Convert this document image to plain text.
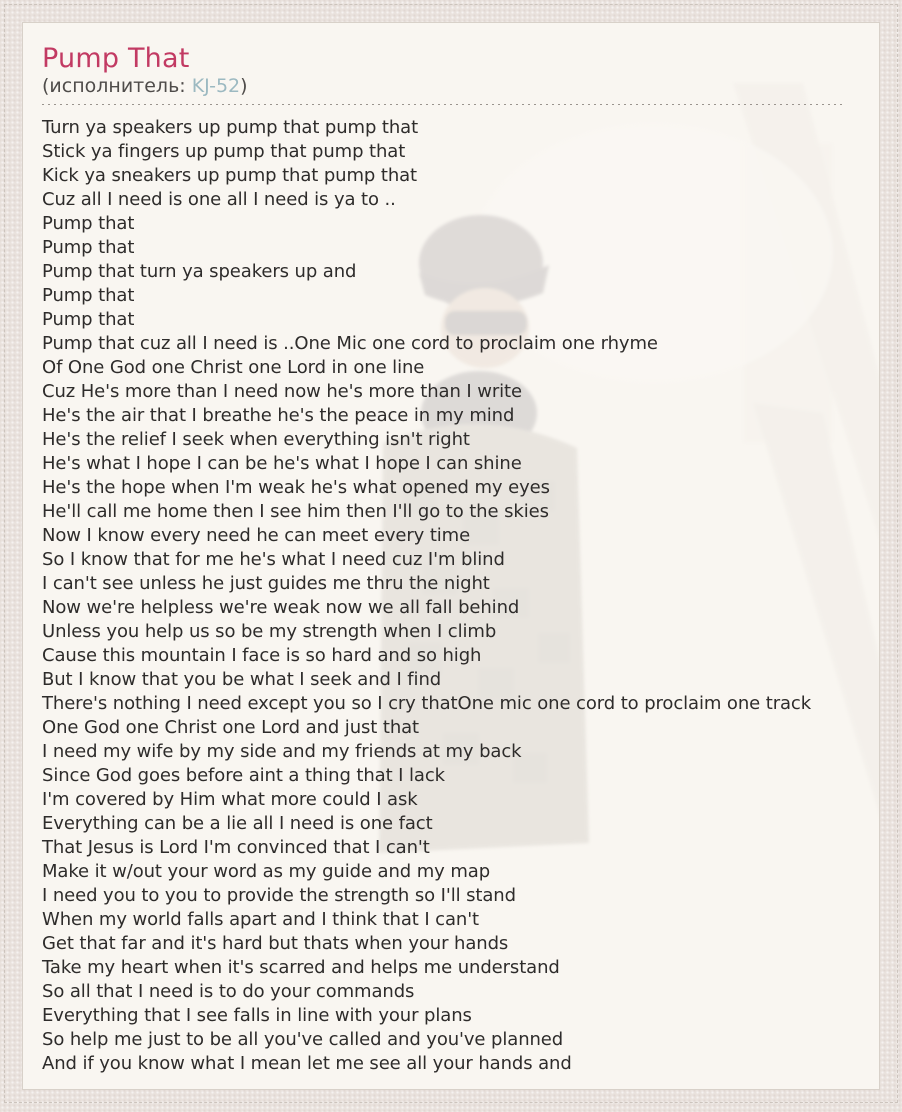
Pump That
(исполнитель: KJ-52)
Turn ya speakers up pump that pump that
Stick ya fingers up pump that pump that
Kick ya sneakers up pump that pump that
Cuz all I need is one all I need is ya to ..
Pump that
Pump that
Pump that turn ya speakers up and
Pump that
Pump that
Pump that cuz all I need is ..One Mic one cord to proclaim one rhyme
Of One God one Christ one Lord in one line
Cuz He's more than I need now he's more than I write
He's the air that I breathe he's the peace in my mind
He's the relief I seek when everything isn't right
He's what I hope I can be he's what I hope I can shine
He's the hope when I'm weak he's what opened my eyes
He'll call me home then I see him then I'll go to the skies
Now I know every need he can meet every time
So I know that for me he's what I need cuz I'm blind
I can't see unless he just guides me thru the night
Now we're helpless we're weak now we all fall behind
Unless you help us so be my strength when I climb
Cause this mountain I face is so hard and so high
But I know that you be what I seek and I find
There's nothing I need except you so I cry thatOne mic one cord to proclaim one track
One God one Christ one Lord and just that
I need my wife by my side and my friends at my back
Since God goes before aint a thing that I lack
I'm covered by Him what more could I ask
Everything can be a lie all I need is one fact
That Jesus is Lord I'm convinced that I can't
Make it w/out your word as my guide and my map
I need you to you to provide the strength so I'll stand
When my world falls apart and I think that I can't
Get that far and it's hard but thats when your hands
Take my heart when it's scarred and helps me understand
So all that I need is to do your commands
Everything that I see falls in line with your plans
So help me just to be all you've called and you've planned
And if you know what I mean let me see all your hands and
